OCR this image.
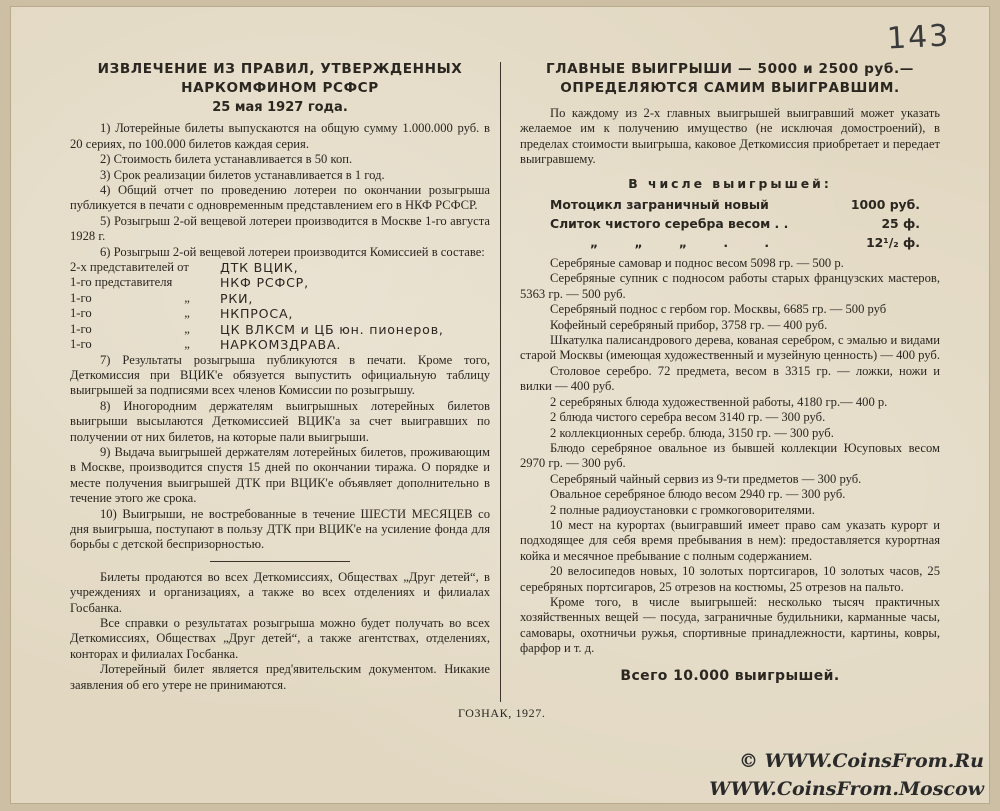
143
ИЗВЛЕЧЕНИЕ ИЗ ПРАВИЛ, УТВЕРЖДЕННЫХ
НАРКОМФИНОМ РСФСР
25 мая 1927 года.

1) Лотерейные билеты выпускаются на общую сумму 1.000.000 руб. в 20 сериях, по 100.000 билетов каждая серия.

2) Стоимость билета устанавливается в 50 коп.

3) Срок реализации билетов устанавливается в 1 год.

4) Общий отчет по проведению лотереи по окончании розыгрыша публикуется в печати с одновременным представлением его в НКФ РСФСР.

5) Розыгрыш 2-ой вещевой лотереи производится в Москве 1-го августа 1928 г.

6) Розыгрыш 2-ой вещевой лотереи производится Комиссией в составе:

2-х представителей от	ДТК ВЦИК,
1-го представителя	НКФ РСФСР,
1-го	„	РКИ,
1-го	„	НКПРОСА,
1-го	„	ЦК ВЛКСМ и ЦБ юн. пионеров,
1-го	„	НАРКОМЗДРАВА.

7) Результаты розыгрыша публикуются в печати. Кроме того, Деткомиссия при ВЦИК'е обязуется выпустить официальную таблицу выигрышей за подписями всех членов Комиссии по розыгрышу.

8) Иногородним держателям выигрышных лотерейных билетов выигрыши высылаются Деткомиссией ВЦИК'а за счет выигравших по получении от них билетов, на которые пали выигрыши.

9) Выдача выигрышей держателям лотерейных билетов, проживающим в Москве, производится спустя 15 дней по окончании тиража. О порядке и месте получения выигрышей ДТК при ВЦИК'е объявляет дополнительно в течение этого же срока.

10) Выигрыши, не востребованные в течение ШЕСТИ МЕСЯЦЕВ со дня выигрыша, поступают в пользу ДТК при ВЦИК'е на усиление фонда для борьбы с детской беспризорностью.

Билеты продаются во всех Деткомиссиях, Обществах „Друг детей“, в учреждениях и организациях, а также во всех отделениях и филиалах Госбанка.

Все справки о результатах розыгрыша можно будет получать во всех Деткомиссиях, Обществах „Друг детей“, а также агентствах, отделениях, конторах и филиалах Госбанка.

Лотерейный билет является пред'явительским документом. Никакие заявления об его утере не принимаются.

ГЛАВНЫЕ ВЫИГРЫШИ — 5000 и 2500 руб.—
ОПРЕДЕЛЯЮТСЯ САМИМ ВЫИГРАВШИМ.

По каждому из 2-х главных выигрышей выигравший может указать желаемое им к получению имущество (не исключая домостроений), в пределах стоимости выигрыша, каковое Деткомиссия приобретает и передает выигравшему.

В числе выигрышей:
Мотоцикл заграничный новый	1000 руб.
Слиток чистого серебра весом . .	25 ф.
„ „ „ . .	12¹/₂ ф.

Серебряные самовар и поднос весом 5098 гр. — 500 р.

Серебряные супник с подносом работы старых французских мастеров, 5363 гр. — 500 руб.

Серебряный поднос с гербом гор. Москвы, 6685 гр. — 500 руб

Кофейный серебряный прибор, 3758 гр. — 400 руб.

Шкатулка палисандрового дерева, кованая серебром, с эмалью и видами старой Москвы (имеющая художественный и музейную ценность) — 400 руб.

Столовое серебро. 72 предмета, весом в 3315 гр. — ложки, ножи и вилки — 400 руб.

2 серебряных блюда художественной работы, 4180 гр.— 400 р.

2 блюда чистого серебра весом 3140 гр. — 300 руб.

2 коллекционных серебр. блюда, 3150 гр. — 300 руб.

Блюдо серебряное овальное из бывшей коллекции Юсуповых весом 2970 гр. — 300 руб.

Серебряный чайный сервиз из 9-ти предметов — 300 руб.

Овальное серебряное блюдо весом 2940 гр. — 300 руб.

2 полные радиоустановки с громкоговорителями.

10 мест на курортах (выигравший имеет право сам указать курорт и подходящее для себя время пребывания в нем): предоставляется курортная койка и месячное пребывание с полным содержанием.

20 велосипедов новых, 10 золотых портсигаров, 10 золотых часов, 25 серебряных портсигаров, 25 отрезов на костюмы, 25 отрезов на пальто.

Кроме того, в числе выигрышей: несколько тысяч практичных хозяйственных вещей — посуда, заграничные будильники, карманные часы, самовары, охотничьи ружья, спортивные принадлежности, картины, ковры, фарфор и т. д.

Всего 10.000 выигрышей.
ГОЗНАК, 1927.
© WWW.CoinsFrom.Ru
WWW.CoinsFrom.Moscow
